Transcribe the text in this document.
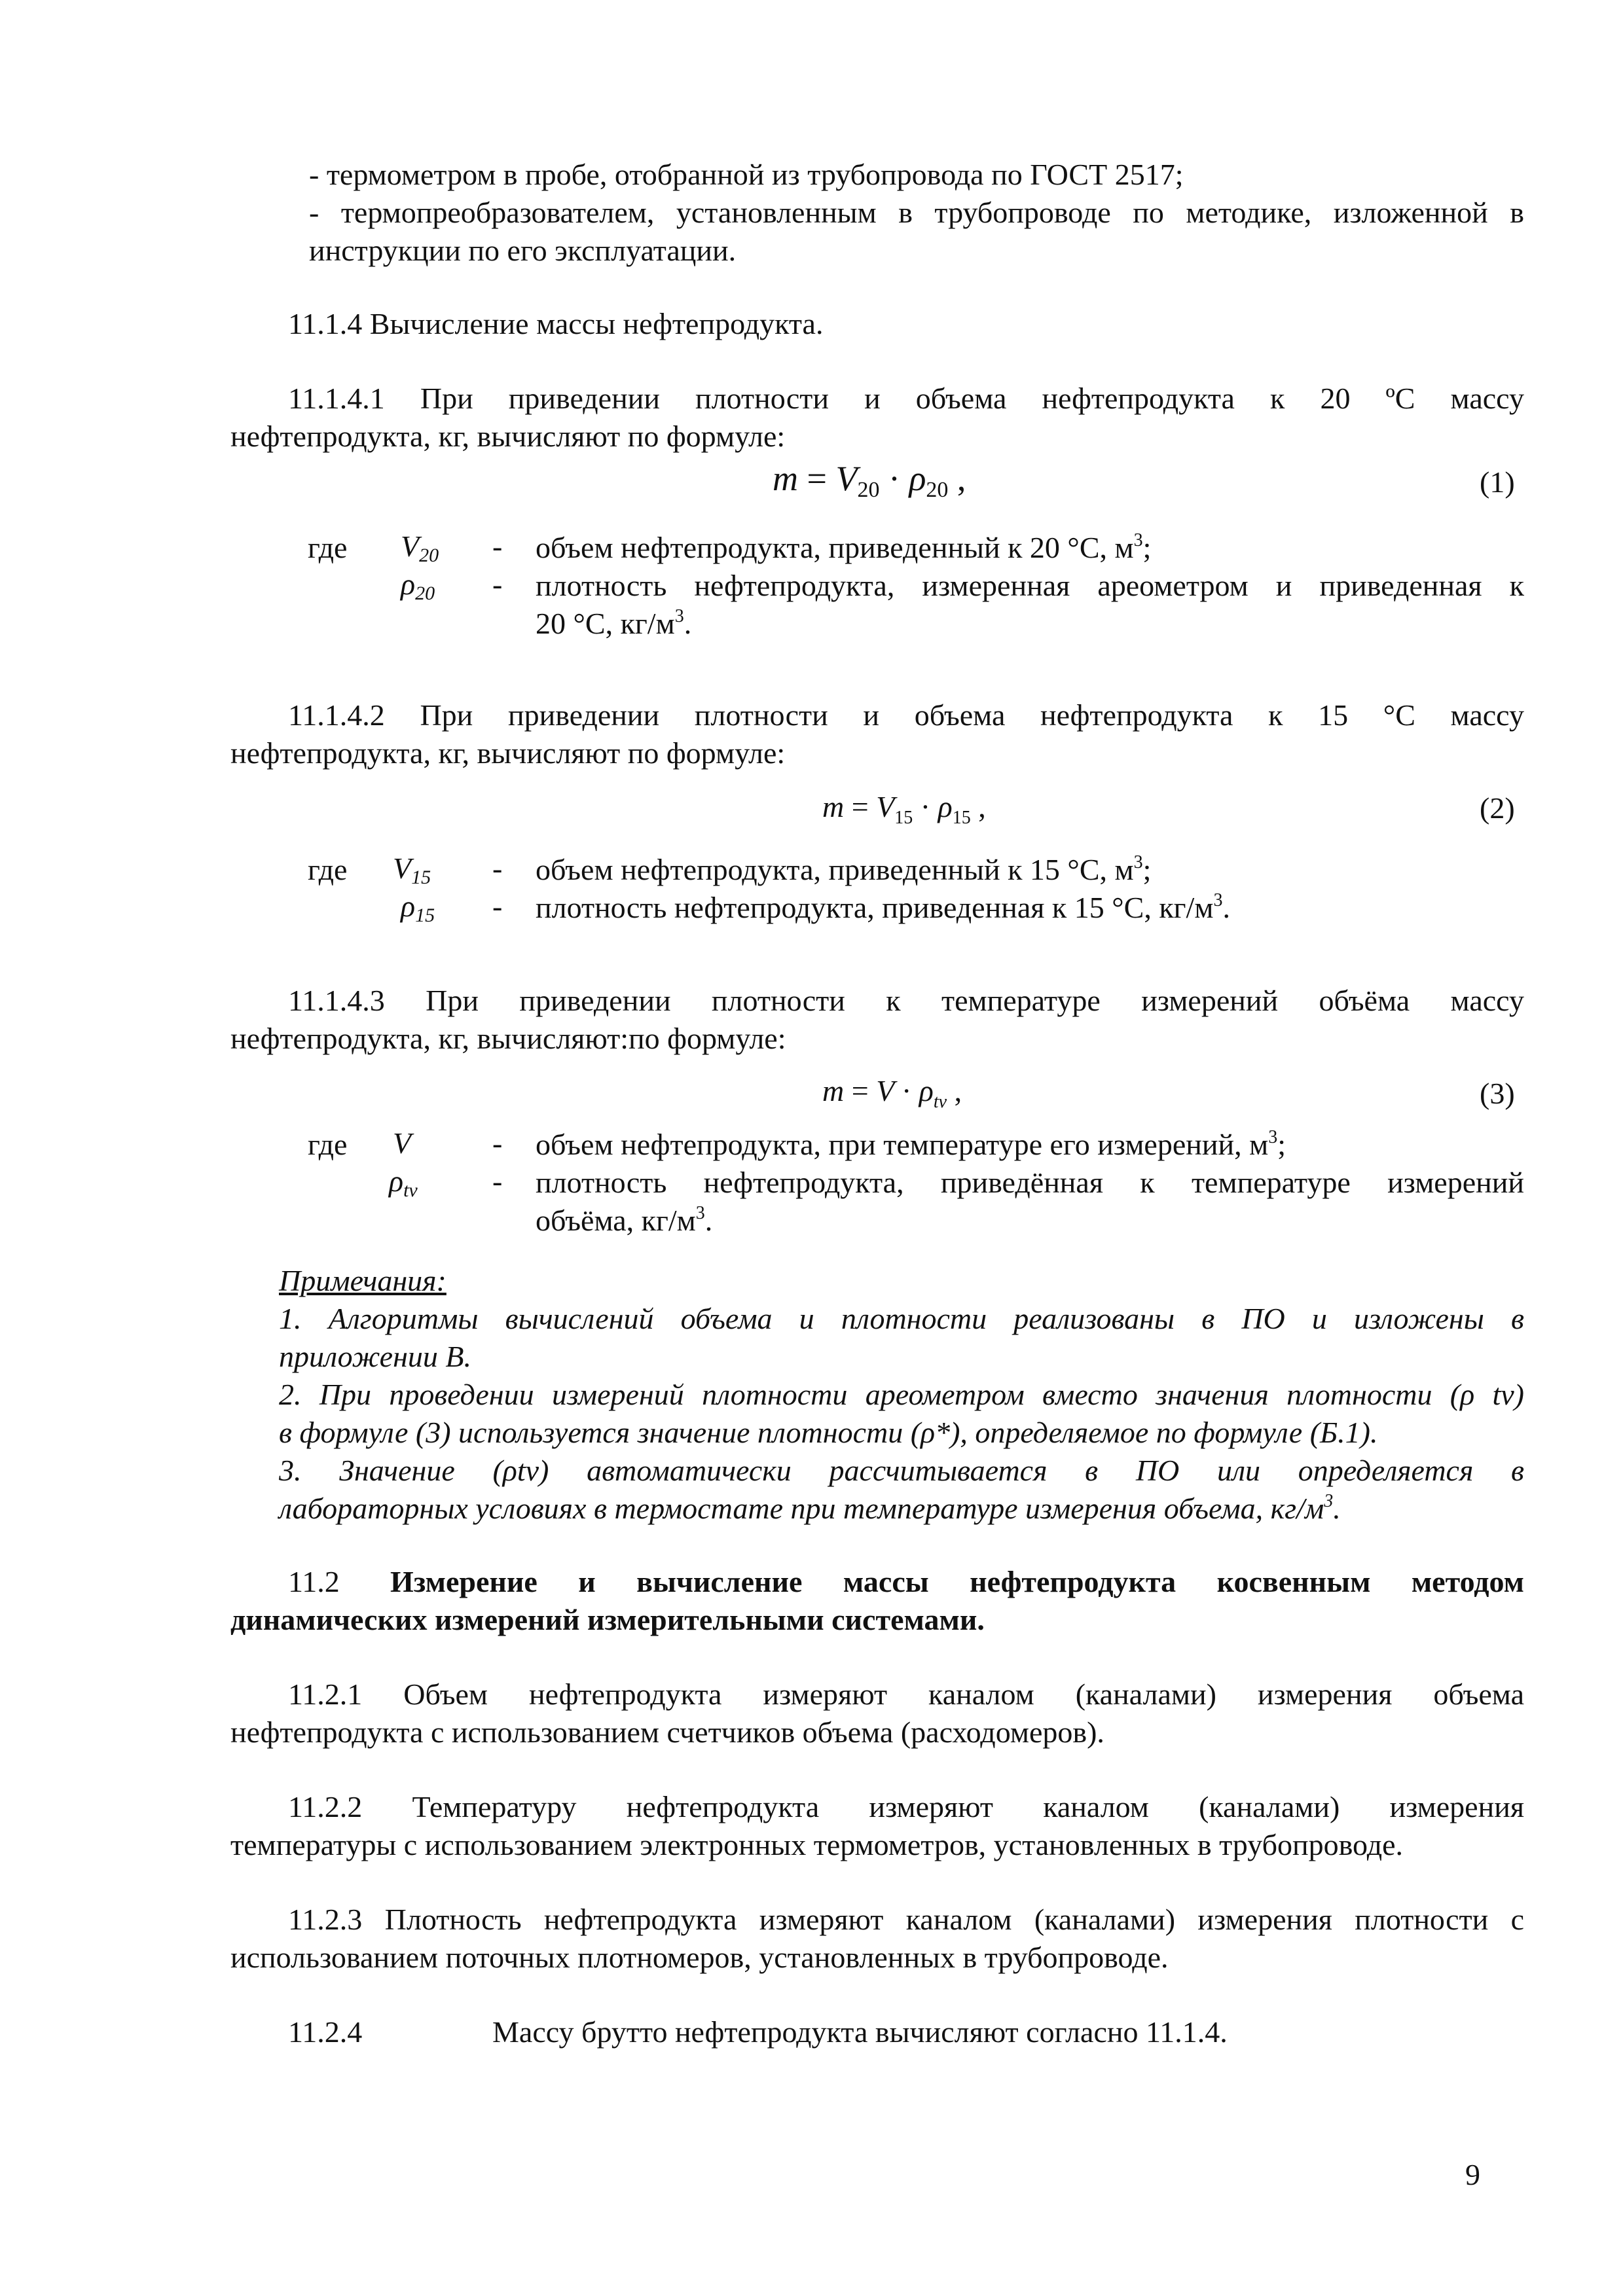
- термометром в пробе, отобранной из трубопровода по ГОСТ 2517;
- термопреобразователем, установленным в трубопроводе по методике, изложенной в
инструкции по его эксплуатации.
11.1.4 Вычисление массы нефтепродукта.
11.1.4.1 При приведении плотности и объема нефтепродукта к 20 ºС массу
нефтепродукта, кг, вычисляют по формуле:
$m = V_{20} \cdot \rho_{20}$ ,	(1)
где $V_{20}$ - объем нефтепродукта, приведенный к 20 °С, $м^3$;
$\rho_{20}$ - плотность нефтепродукта, измеренная ареометром и приведенная к
20 °С, $кг/м^3$.
11.1.4.2 При приведении плотности и объема нефтепродукта к 15 °С массу
нефтепродукта, кг, вычисляют по формуле:
$m = V_{15} \cdot \rho_{15}$ ,	(2)
где $V_{15}$ - объем нефтепродукта, приведенный к 15 °С, $м^3$;
$\rho_{15}$ - плотность нефтепродукта, приведенная к 15 °С, $кг/м^3$.
11.1.4.3 При приведении плотности к температуре измерений объёма массу
нефтепродукта, кг, вычисляют:по формуле:
$m = V \cdot \rho_{tv}$ ,	(3)
где V	- объем нефтепродукта, при температуре его измерений, $м^3$;
$\rho_{tv}$ - плотность нефтепродукта, приведённая к температуре измерений
объёма, $кг/м^3$.
Примечания:
1. Алгоритмы вычислений объема и плотности реализованы в ПО и изложены в
приложении В.
2. При проведении измерений плотности ареометром вместо значения плотности (ρ tv)
в формуле (3) используется значение плотности (ρ*), определяемое по формуле (Б.1).
3. Значение (ρtv) автоматически рассчитывается в ПО или определяется в
лабораторных условиях в термостате при температуре измерения объема, $кг/м^3$.
11.2 Измерение и вычисление массы нефтепродукта косвенным методом
динамических измерений измерительными системами.
11.2.1 Объем нефтепродукта измеряют каналом (каналами) измерения объема
нефтепродукта с использованием счетчиков объема (расходомеров).
11.2.2 Температуру нефтепродукта измеряют каналом (каналами) измерения
температуры с использованием электронных термометров, установленных в трубопроводе.
11.2.3 Плотность нефтепродукта измеряют каналом (каналами) измерения плотности с
использованием поточных плотномеров, установленных в трубопроводе.
11.2.4	Массу брутто нефтепродукта вычисляют согласно 11.1.4.
9
